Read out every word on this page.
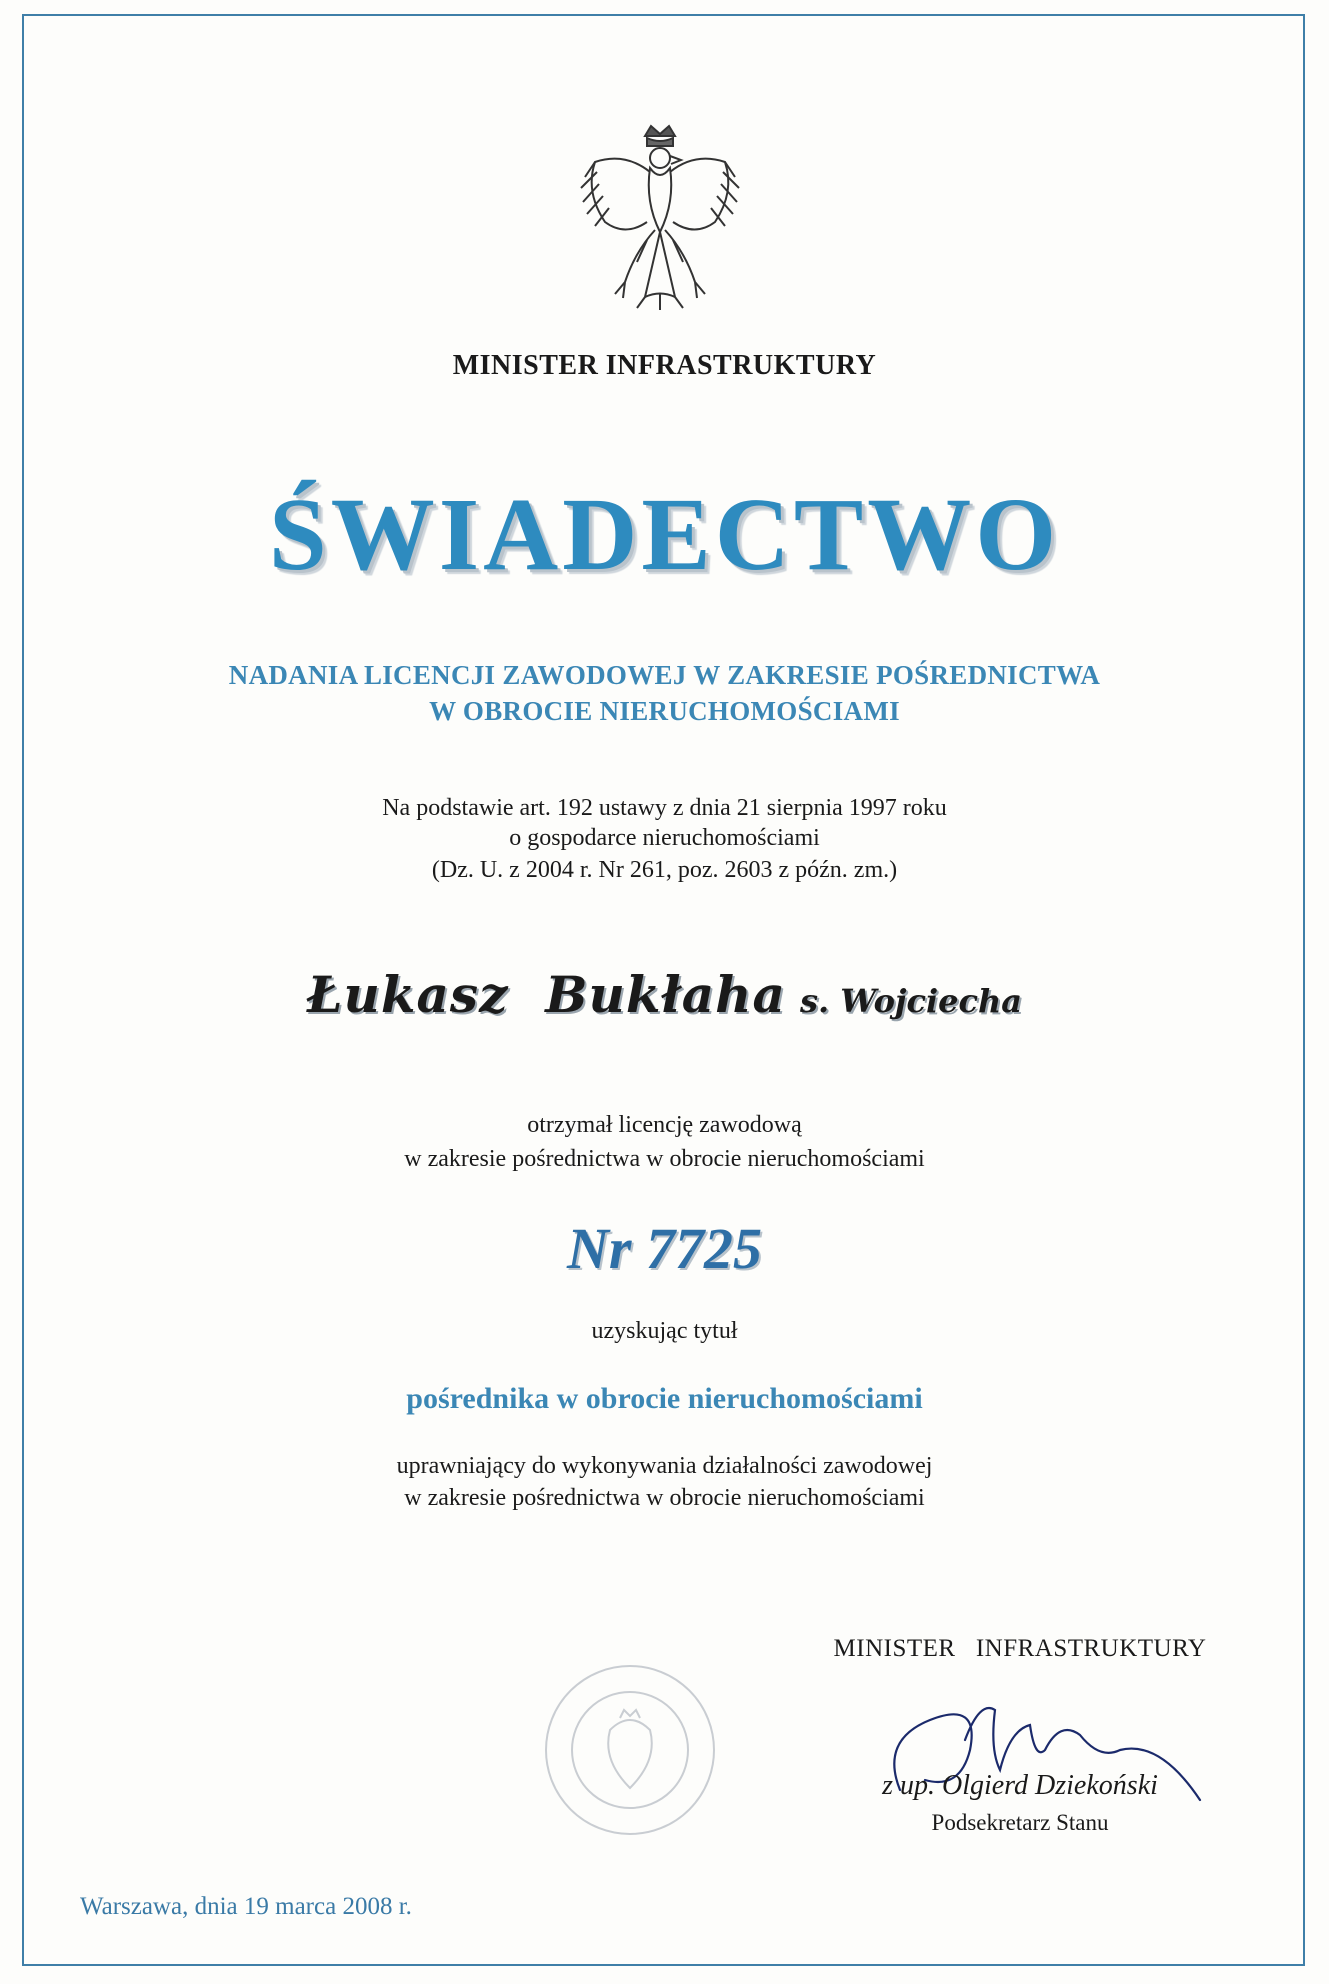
MINISTER INFRASTRUKTURY
ŚWIADECTWO
NADANIA LICENCJI ZAWODOWEJ W ZAKRESIE POŚREDNICTWA
W OBROCIE NIERUCHOMOŚCIAMI
Na podstawie art. 192 ustawy z dnia 21 sierpnia 1997 roku
o gospodarce nieruchomościami
(Dz. U. z 2004 r. Nr 261, poz. 2603 z późn. zm.)
Łukasz  Bukłaha s. Wojciecha
otrzymał licencję zawodową
w zakresie pośrednictwa w obrocie nieruchomościami
Nr 7725
uzyskując tytuł
pośrednika w obrocie nieruchomościami
uprawniający do wykonywania działalności zawodowej
w zakresie pośrednictwa w obrocie nieruchomościami
MINISTER   INFRASTRUKTURY
z up. Olgierd Dziekoński
Podsekretarz Stanu
Warszawa, dnia 19 marca 2008 r.
